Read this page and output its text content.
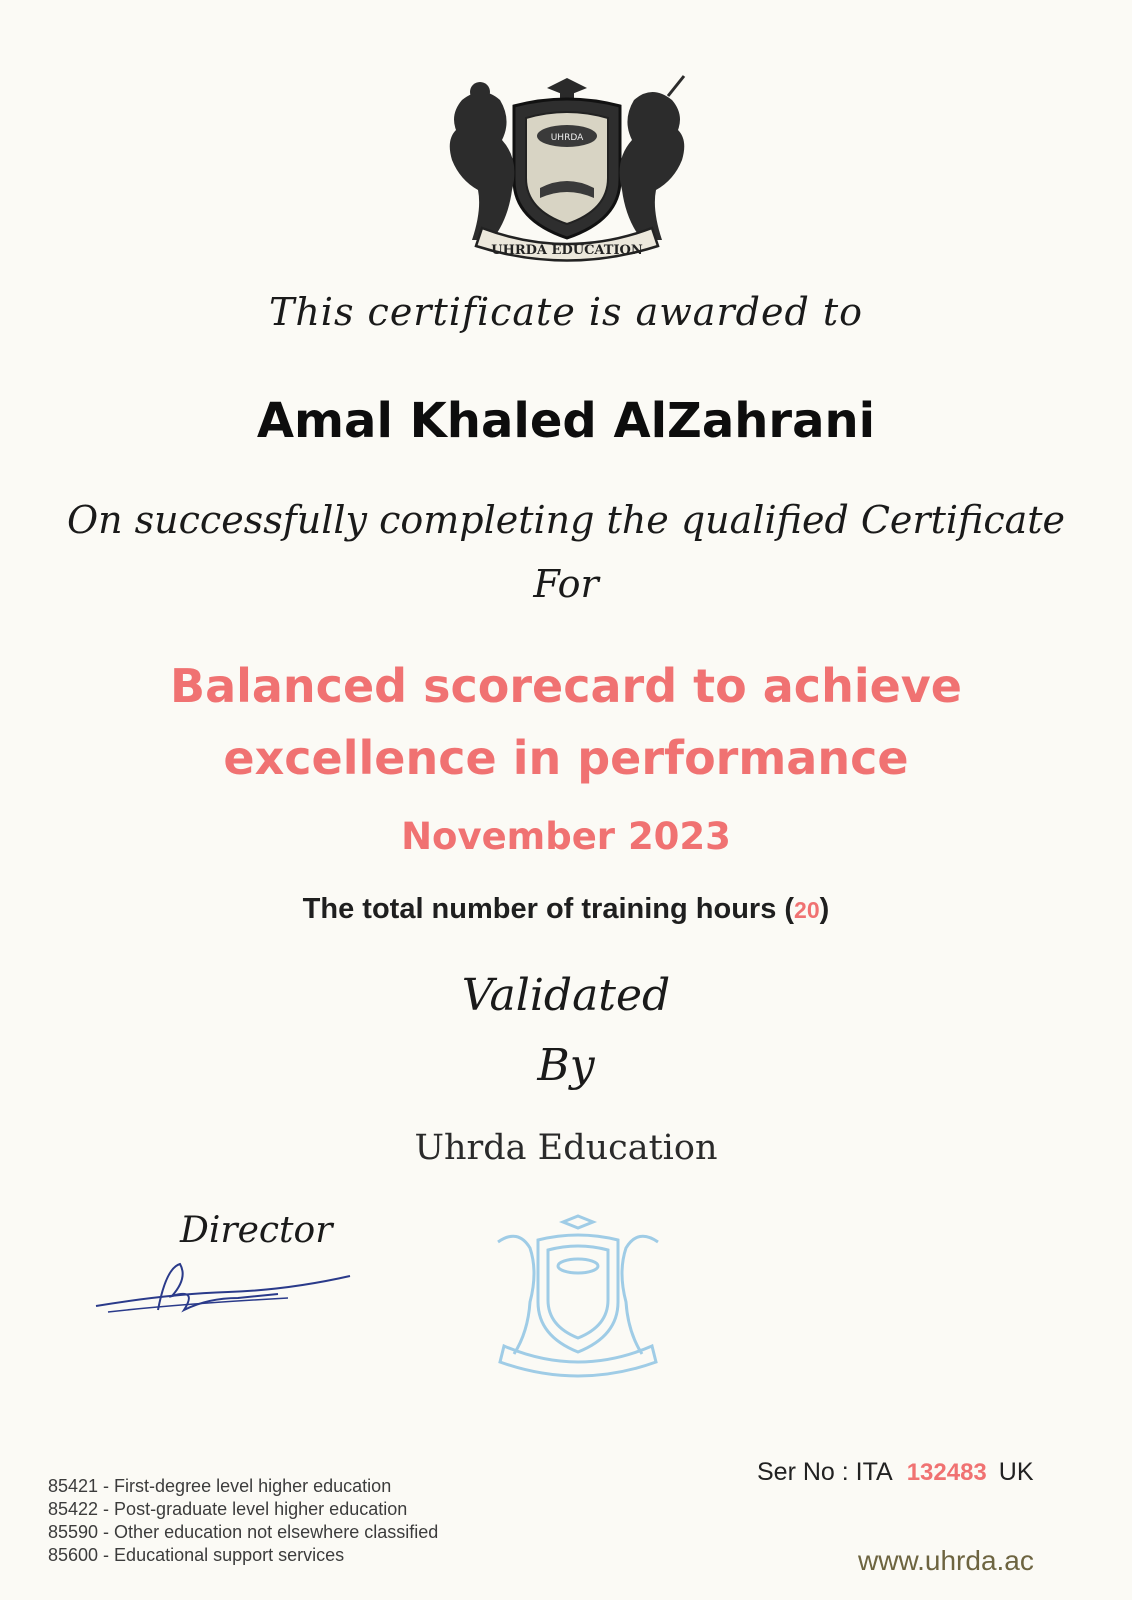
UHRDA
UHRDA EDUCATION
This certificate is awarded to
Amal Khaled AlZahrani
On successfully completing the qualified Certificate
For
Balanced scorecard to achieve excellence in performance
November 2023
The total number of training hours (20)
Validated
By
Uhrda Education
Director
85421 - First-degree level higher education
85422 - Post-graduate level higher education
85590 - Other education not elsewhere classified
85600 - Educational support services
Ser No : ITA 132483 UK
www.uhrda.ac
